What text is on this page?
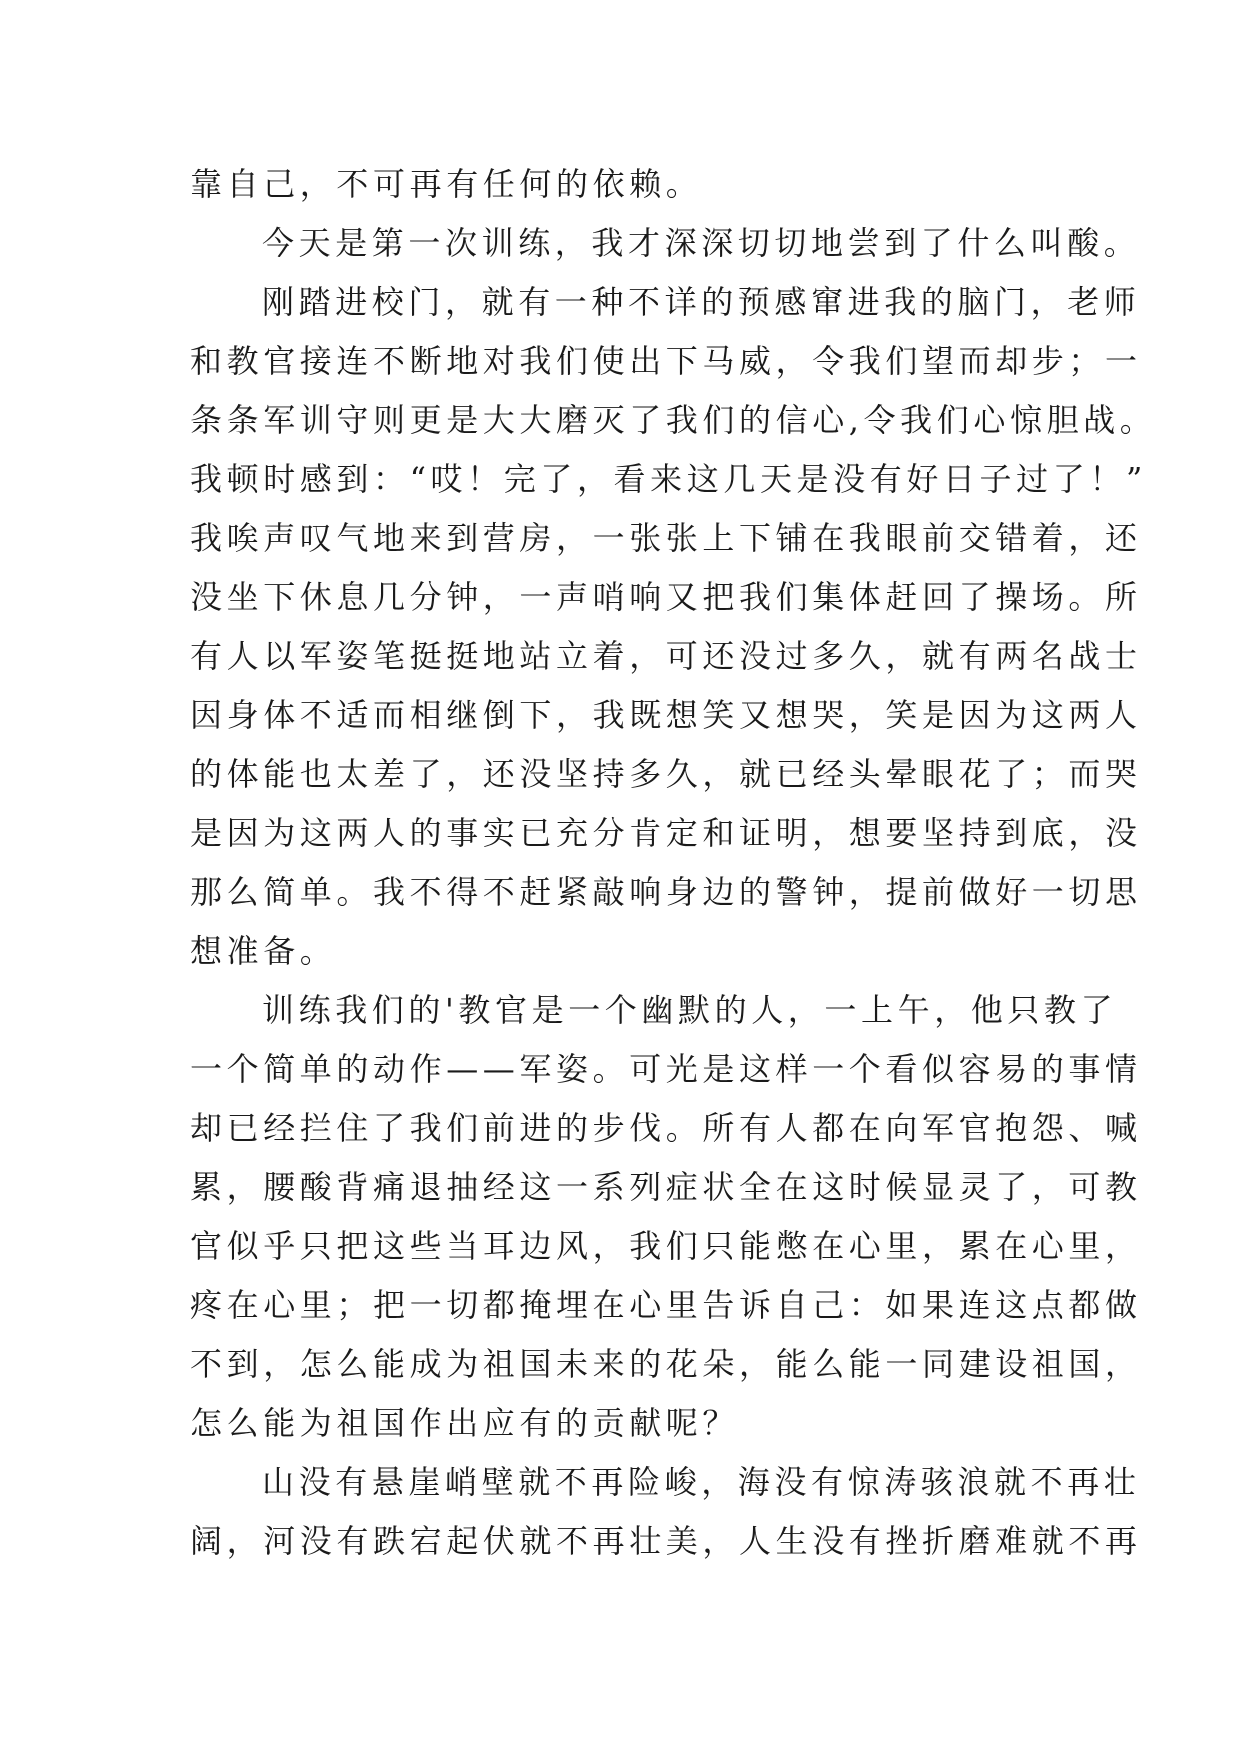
靠自己，不可再有任何的依赖。
今天是第一次训练，我才深深切切地尝到了什么叫酸。
刚踏进校门，就有一种不详的预感窜进我的脑门，老师
和教官接连不断地对我们使出下马威，令我们望而却步；一
条条军训守则更是大大磨灭了我们的信心,令我们心惊胆战。
我顿时感到：“哎！完了，看来这几天是没有好日子过了！”
我唉声叹气地来到营房，一张张上下铺在我眼前交错着，还
没坐下休息几分钟，一声哨响又把我们集体赶回了操场。所
有人以军姿笔挺挺地站立着，可还没过多久，就有两名战士
因身体不适而相继倒下，我既想笑又想哭，笑是因为这两人
的体能也太差了，还没坚持多久，就已经头晕眼花了；而哭
是因为这两人的事实已充分肯定和证明，想要坚持到底，没
那么简单。我不得不赶紧敲响身边的警钟，提前做好一切思
想准备。
训练我们的'教官是一个幽默的人，一上午，他只教了
一个简单的动作——军姿。可光是这样一个看似容易的事情
却已经拦住了我们前进的步伐。所有人都在向军官抱怨、喊
累，腰酸背痛退抽经这一系列症状全在这时候显灵了，可教
官似乎只把这些当耳边风，我们只能憋在心里，累在心里，
疼在心里；把一切都掩埋在心里告诉自己：如果连这点都做
不到，怎么能成为祖国未来的花朵，能么能一同建设祖国，
怎么能为祖国作出应有的贡献呢？
山没有悬崖峭壁就不再险峻，海没有惊涛骇浪就不再壮
阔，河没有跌宕起伏就不再壮美，人生没有挫折磨难就不再
